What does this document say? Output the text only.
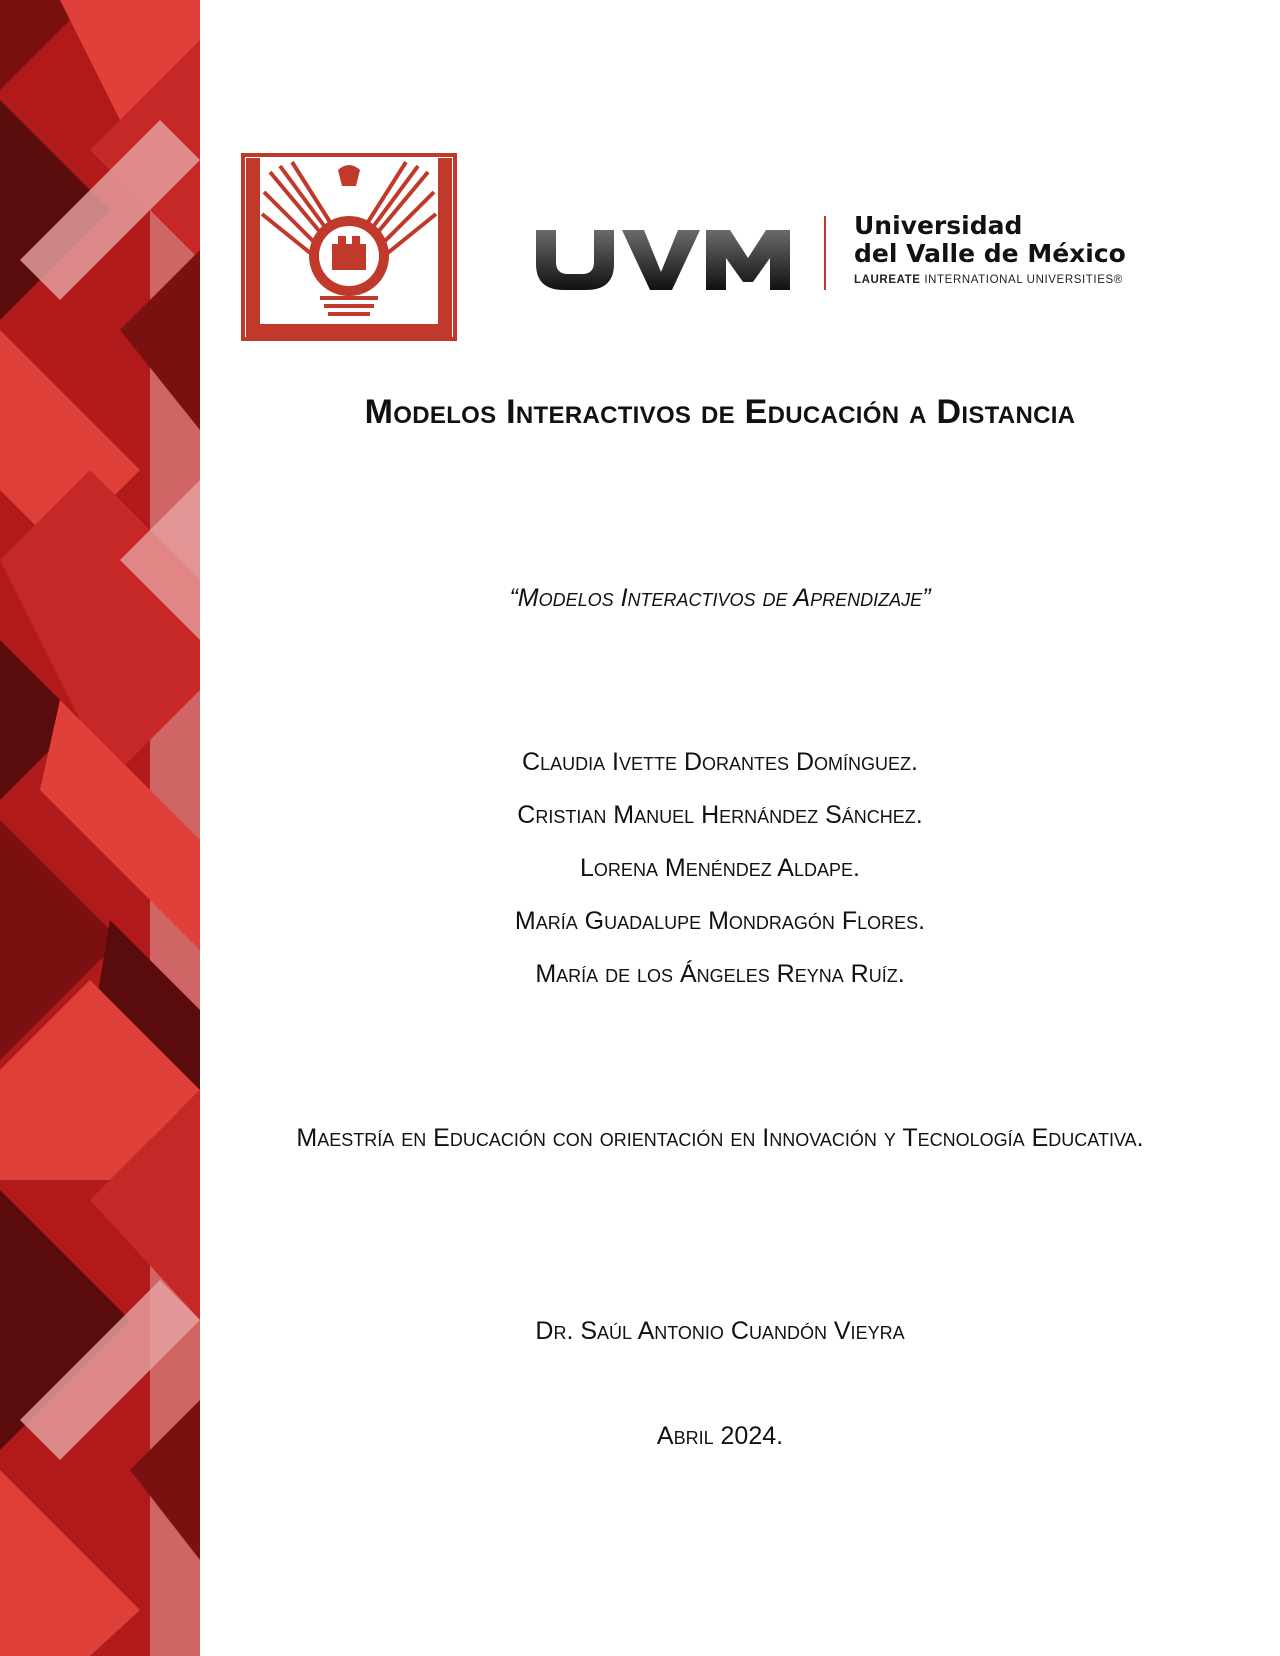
Universidad
del Valle de México
LAUREATE INTERNATIONAL UNIVERSITIES®
Modelos Interactivos de Educación a Distancia
“Modelos Interactivos de Aprendizaje”
Claudia Ivette Dorantes Domínguez.
Cristian Manuel Hernández Sánchez.
Lorena Menéndez Aldape.
María Guadalupe Mondragón Flores.
María de los Ángeles Reyna Ruíz.
Maestría en Educación con orientación en Innovación y Tecnología Educativa.
Dr. Saúl Antonio Cuandón Vieyra
Abril 2024.
